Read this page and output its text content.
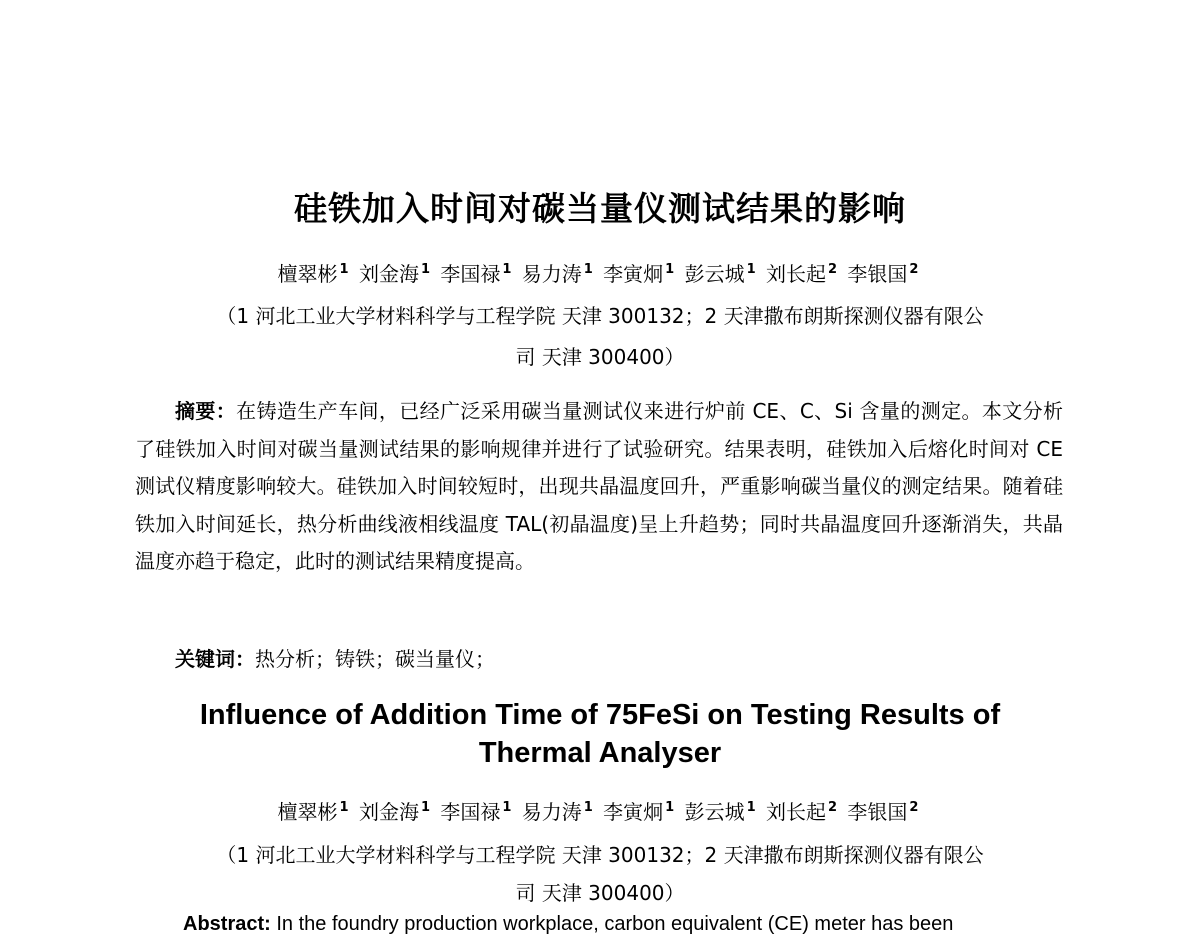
硅铁加入时间对碳当量仪测试结果的影响
檀翠彬 $^1$ 刘金海 $^1$ 李国禄 $^1$ 易力涛 $^1$ 李寅炯 $^1$ 彭云城 $^1$ 刘长起 $^2$ 李银国 $^2$
（1 河北工业大学材料科学与工程学院 天津 300132；2 天津撒布朗斯探测仪器有限公
司 天津 300400）
摘要：在铸造生产车间，已经广泛采用碳当量测试仪来进行炉前 CE、C、Si 含量的测定。本文分析了硅铁加入时间对碳当量测试结果的影响规律并进行了试验研究。结果表明，硅铁加入后熔化时间对 CE 测试仪精度影响较大。硅铁加入时间较短时，出现共晶温度回升，严重影响碳当量仪的测定结果。随着硅铁加入时间延长，热分析曲线液相线温度 TAL(初晶温度)呈上升趋势；同时共晶温度回升逐渐消失，共晶温度亦趋于稳定，此时的测试结果精度提高。
关键词：热分析；铸铁；碳当量仪；
Influence of Addition Time of 75FeSi on Testing Results of
Thermal Analyser
檀翠彬 $^1$ 刘金海 $^1$ 李国禄 $^1$ 易力涛 $^1$ 李寅炯 $^1$ 彭云城 $^1$ 刘长起 $^2$ 李银国 $^2$
（1 河北工业大学材料科学与工程学院 天津 300132；2 天津撒布朗斯探测仪器有限公
司 天津 300400）
Abstract: In the foundry production workplace, carbon equivalent (CE) meter has been
